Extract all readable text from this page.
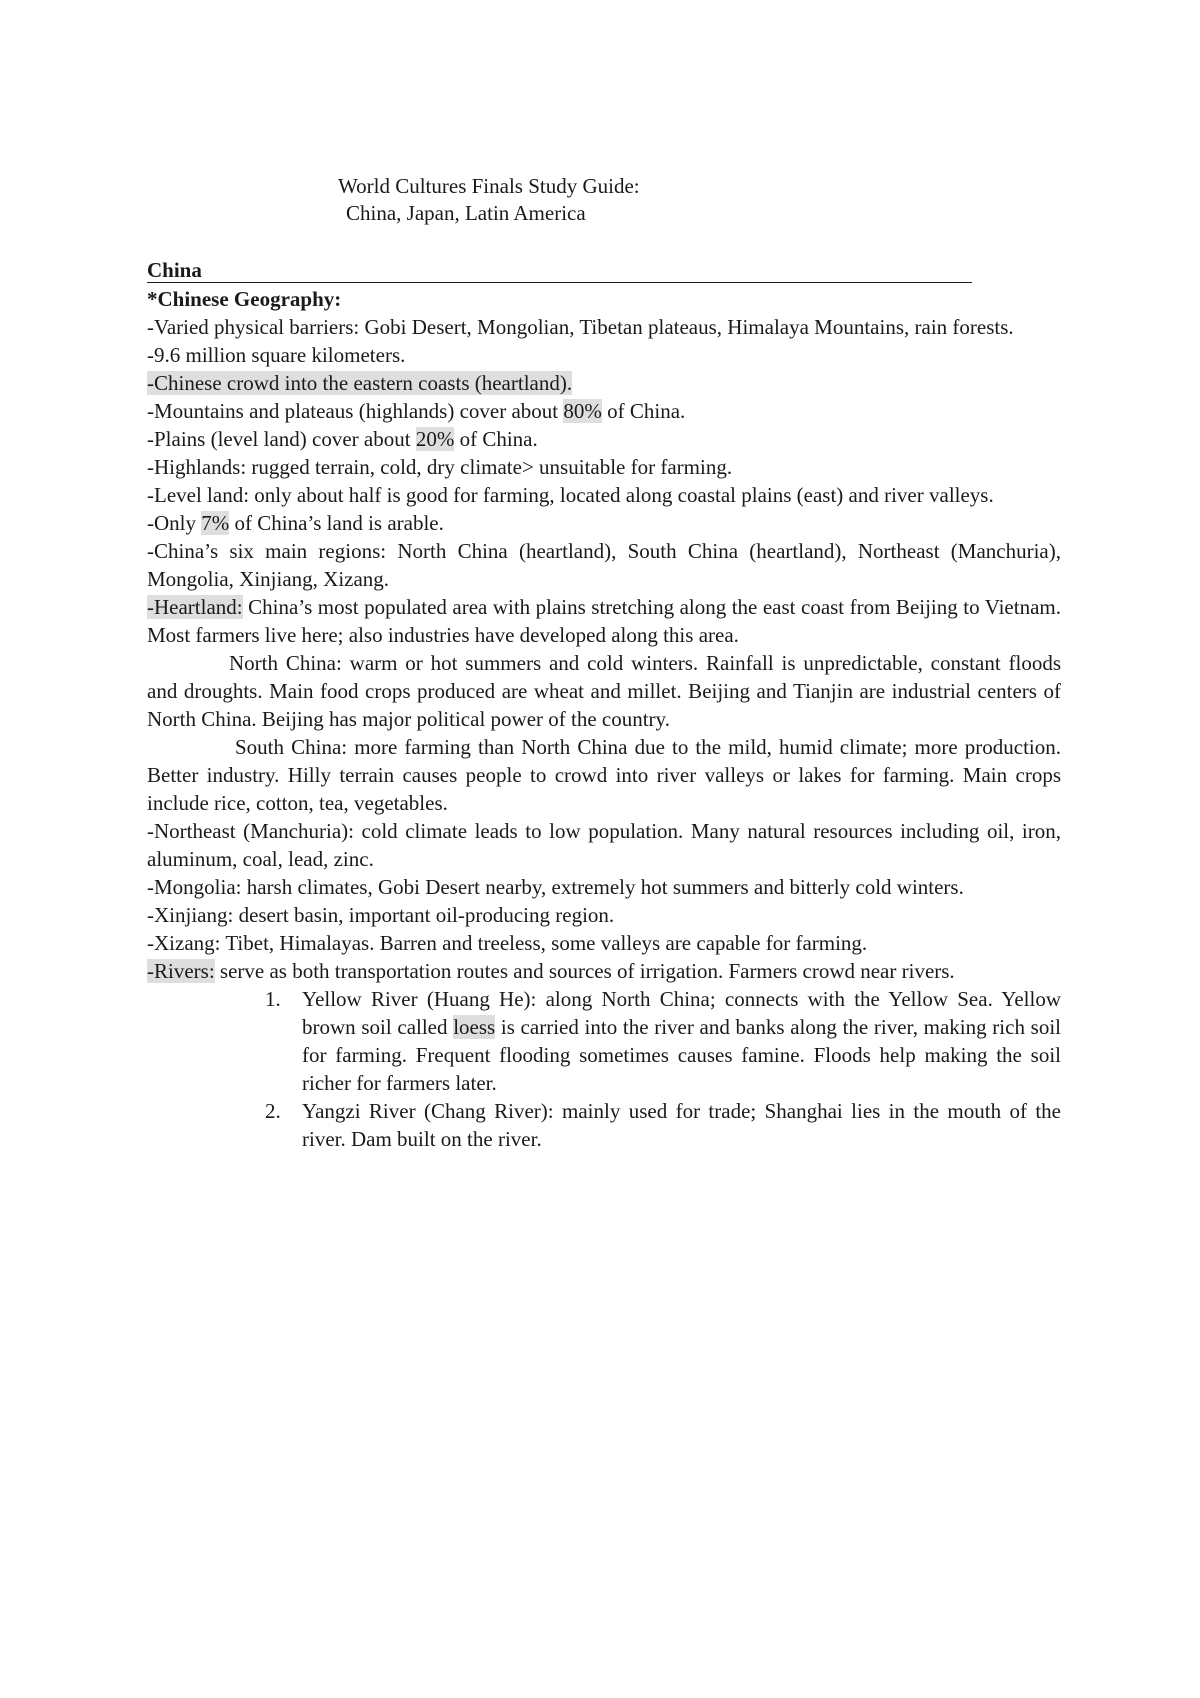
World Cultures Finals Study Guide:
China, Japan, Latin America
China

*Chinese Geography:

-Varied physical barriers: Gobi Desert, Mongolian, Tibetan plateaus, Himalaya Mountains, rain forests.

-9.6 million square kilometers.

-Chinese crowd into the eastern coasts (heartland).

-Mountains and plateaus (highlands) cover about 80% of China.

-Plains (level land) cover about 20% of China.

-Highlands: rugged terrain, cold, dry climate> unsuitable for farming.

-Level land: only about half is good for farming, located along coastal plains (east) and river valleys.

-Only 7% of China’s land is arable.

-China’s six main regions: North China (heartland), South China (heartland), Northeast (Manchuria), Mongolia, Xinjiang, Xizang.

-Heartland: China’s most populated area with plains stretching along the east coast from Beijing to Vietnam. Most farmers live here; also industries have developed along this area.

North China: warm or hot summers and cold winters. Rainfall is unpredictable, constant floods and droughts. Main food crops produced are wheat and millet. Beijing and Tianjin are industrial centers of North China. Beijing has major political power of the country.

South China: more farming than North China due to the mild, humid climate; more production. Better industry. Hilly terrain causes people to crowd into river valleys or lakes for farming. Main crops include rice, cotton, tea, vegetables.

-Northeast (Manchuria): cold climate leads to low population. Many natural resources including oil, iron, aluminum, coal, lead, zinc.

-Mongolia: harsh climates, Gobi Desert nearby, extremely hot summers and bitterly cold winters.

-Xinjiang: desert basin, important oil-producing region.

-Xizang: Tibet, Himalayas. Barren and treeless, some valleys are capable for farming.

-Rivers: serve as both transportation routes and sources of irrigation. Farmers crowd near rivers.

1. Yellow River (Huang He): along North China; connects with the Yellow Sea. Yellow brown soil called loess is carried into the river and banks along the river, making rich soil for farming. Frequent flooding sometimes causes famine. Floods help making the soil richer for farmers later.
2. Yangzi River (Chang River): mainly used for trade; Shanghai lies in the mouth of the river. Dam built on the river.
